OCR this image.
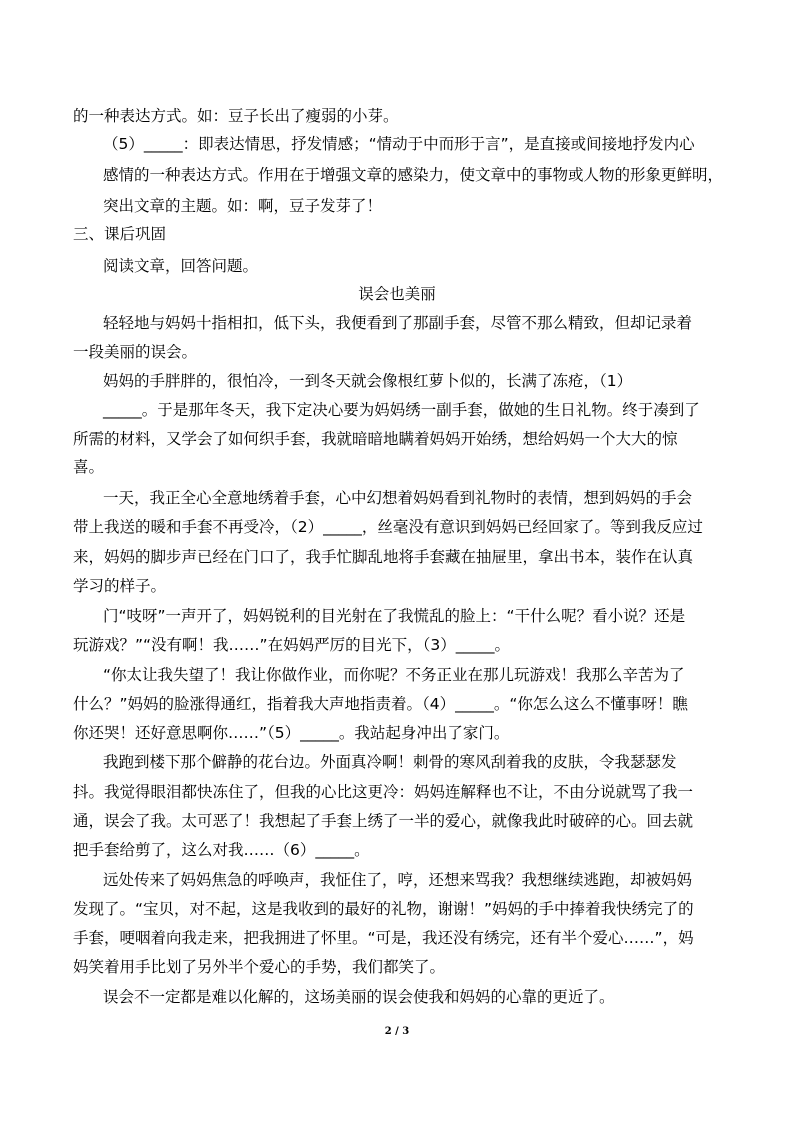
的一种表达方式。如：豆子长出了瘦弱的小芽。
（5）_____：即表达情思，抒发情感；“情动于中而形于言”，是直接或间接地抒发内心
感情的一种表达方式。作用在于增强文章的感染力，使文章中的事物或人物的形象更鲜明，
突出文章的主题。如：啊，豆子发芽了！
三、课后巩固
阅读文章，回答问题。
误会也美丽
轻轻地与妈妈十指相扣，低下头，我便看到了那副手套，尽管不那么精致，但却记录着
一段美丽的误会。
妈妈的手胖胖的，很怕冷，一到冬天就会像根红萝卜似的，长满了冻疮，（1）
_____。于是那年冬天，我下定决心要为妈妈绣一副手套，做她的生日礼物。终于凑到了
所需的材料，又学会了如何织手套，我就暗暗地瞒着妈妈开始绣，想给妈妈一个大大的惊
喜。
一天，我正全心全意地绣着手套，心中幻想着妈妈看到礼物时的表情，想到妈妈的手会
带上我送的暖和手套不再受冷，（2）_____，丝毫没有意识到妈妈已经回家了。等到我反应过
来，妈妈的脚步声已经在门口了，我手忙脚乱地将手套藏在抽屉里，拿出书本，装作在认真
学习的样子。
门“吱呀”一声开了，妈妈锐利的目光射在了我慌乱的脸上：“干什么呢？看小说？还是
玩游戏？”“没有啊！我……”在妈妈严厉的目光下，（3）_____。
“你太让我失望了！我让你做作业，而你呢？不务正业在那儿玩游戏！我那么辛苦为了
什么？”妈妈的脸涨得通红，指着我大声地指责着。（4）_____。“你怎么这么不懂事呀！瞧
你还哭！还好意思啊你……”（5）_____。我站起身冲出了家门。
我跑到楼下那个僻静的花台边。外面真冷啊！刺骨的寒风刮着我的皮肤，令我瑟瑟发
抖。我觉得眼泪都快冻住了，但我的心比这更冷：妈妈连解释也不让，不由分说就骂了我一
通，误会了我。太可恶了！我想起了手套上绣了一半的爱心，就像我此时破碎的心。回去就
把手套给剪了，这么对我……（6）_____。
远处传来了妈妈焦急的呼唤声，我怔住了，哼，还想来骂我？我想继续逃跑，却被妈妈
发现了。“宝贝，对不起，这是我收到的最好的礼物，谢谢！”妈妈的手中捧着我快绣完了的
手套，哽咽着向我走来，把我拥进了怀里。“可是，我还没有绣完，还有半个爱心……”，妈
妈笑着用手比划了另外半个爱心的手势，我们都笑了。
误会不一定都是难以化解的，这场美丽的误会使我和妈妈的心靠的更近了。
2 / 3
